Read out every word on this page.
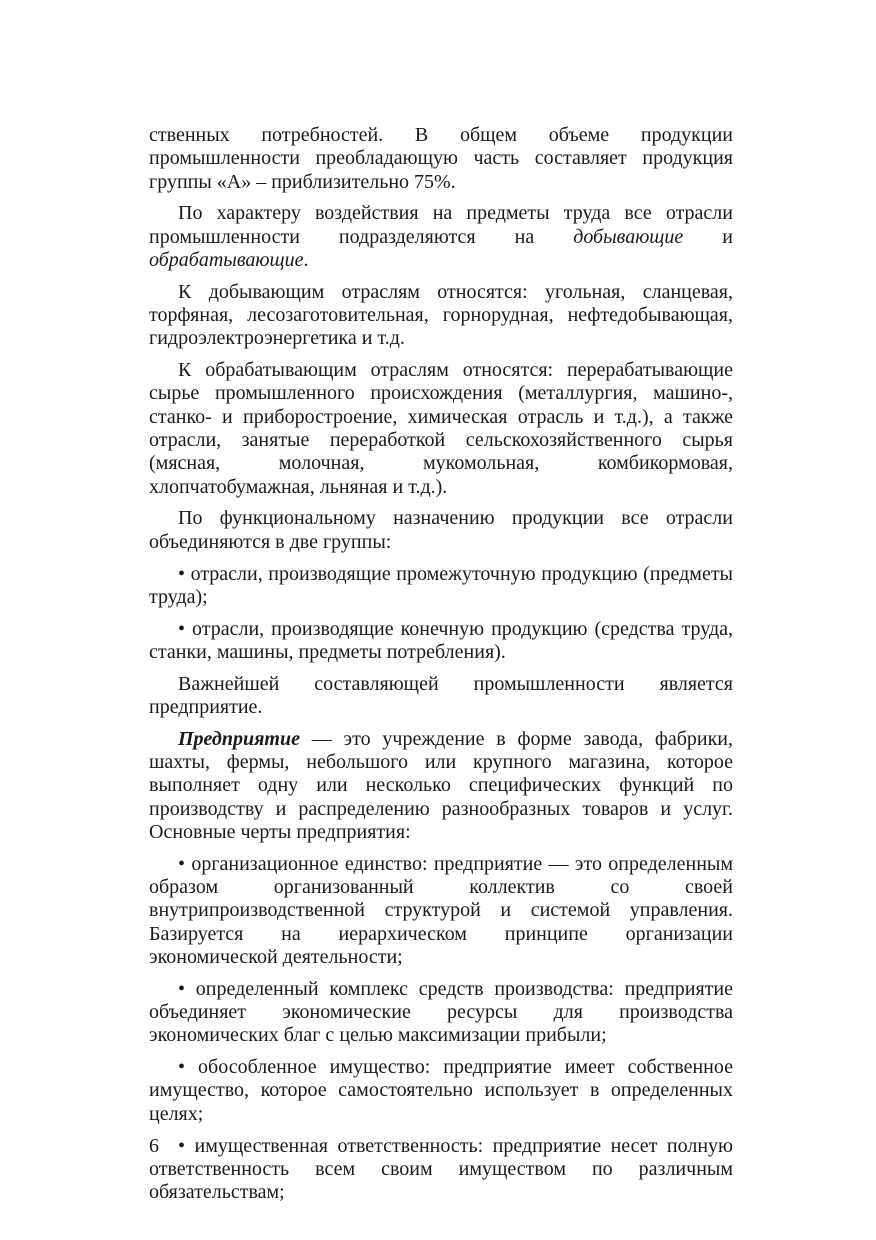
ственных потребностей. В общем объеме продукции промышленности преобладающую часть составляет продукция группы «А» – приблизительно 75%.

По характеру воздействия на предметы труда все отрасли промышленности подразделяются на добывающие и обрабатывающие.

К добывающим отраслям относятся: угольная, сланцевая, торфяная, лесозаготовительная, горнорудная, нефтедобывающая, гидроэлектроэнергетика и т.д.

К обрабатывающим отраслям относятся: перерабатывающие сырье промышленного происхождения (металлургия, машино-, станко- и приборостроение, химическая отрасль и т.д.), а также отрасли, занятые переработкой сельскохозяйственного сырья (мясная, молочная, мукомольная, комбикормовая, хлопчатобумажная, льняная и т.д.).

По функциональному назначению продукции все отрасли объединяются в две группы:

• отрасли, производящие промежуточную продукцию (предметы труда);

• отрасли, производящие конечную продукцию (средства труда, станки, машины, предметы потребления).

Важнейшей составляющей промышленности является предприятие.

Предприятие — это учреждение в форме завода, фабрики, шахты, фермы, небольшого или крупного магазина, которое выполняет одну или несколько специфических функций по производству и распределению разнообразных товаров и услуг. Основные черты предприятия:

• организационное единство: предприятие — это определенным образом организованный коллектив со своей внутрипроизводственной структурой и системой управления. Базируется на иерархическом принципе организации экономической деятельности;

• определенный комплекс средств производства: предприятие объединяет экономические ресурсы для производства экономических благ с целью максимизации прибыли;

• обособленное имущество: предприятие имеет собственное имущество, которое самостоятельно использует в определенных целях;

• имущественная ответственность: предприятие несет полную ответственность всем своим имуществом по различным обязательствам;

6
